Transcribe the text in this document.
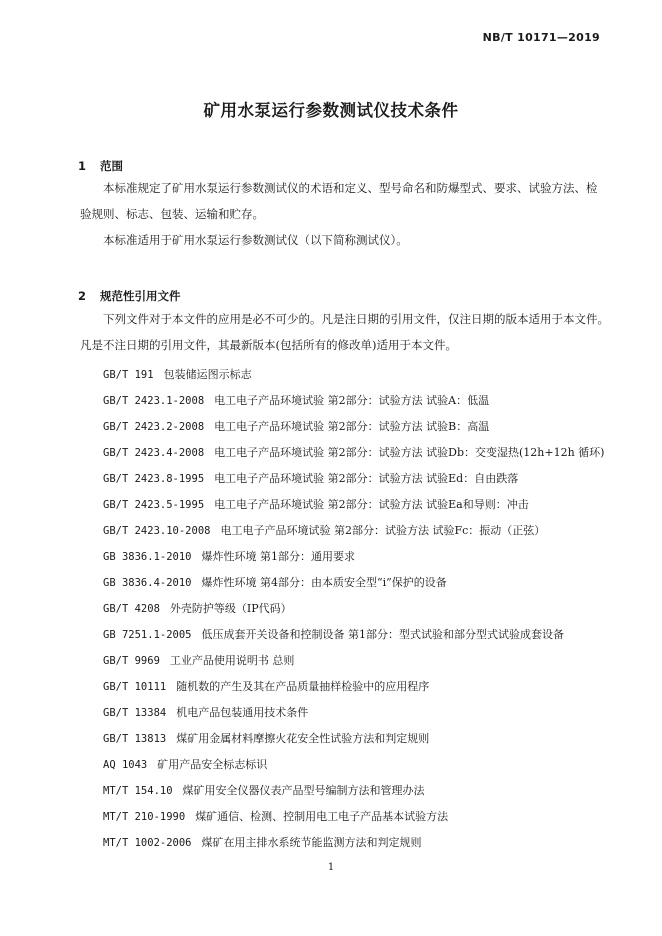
NB/T 10171—2019
矿用水泵运行参数测试仪技术条件
1 范围
本标准规定了矿用水泵运行参数测试仪的术语和定义、型号命名和防爆型式、要求、试验方法、检
验规则、标志、包装、运输和贮存。
本标准适用于矿用水泵运行参数测试仪（以下简称测试仪）。
2 规范性引用文件
下列文件对于本文件的应用是必不可少的。凡是注日期的引用文件，仅注日期的版本适用于本文件。
凡是不注日期的引用文件，其最新版本(包括所有的修改单)适用于本文件。
GB/T 191 包装储运图示标志
GB/T 2423.1-2008 电工电子产品环境试验 第2部分：试验方法 试验A：低温
GB/T 2423.2-2008 电工电子产品环境试验 第2部分：试验方法 试验B：高温
GB/T 2423.4-2008 电工电子产品环境试验 第2部分：试验方法 试验Db：交变湿热(12h+12h 循环)
GB/T 2423.8-1995 电工电子产品环境试验 第2部分：试验方法 试验Ed：自由跌落
GB/T 2423.5-1995 电工电子产品环境试验 第2部分：试验方法 试验Ea和导则：冲击
GB/T 2423.10-2008 电工电子产品环境试验 第2部分：试验方法 试验Fc：振动（正弦）
GB 3836.1-2010 爆炸性环境 第1部分：通用要求
GB 3836.4-2010 爆炸性环境 第4部分：由本质安全型“i”保护的设备
GB/T 4208 外壳防护等级（IP代码）
GB 7251.1-2005 低压成套开关设备和控制设备 第1部分：型式试验和部分型式试验成套设备
GB/T 9969 工业产品使用说明书 总则
GB/T 10111 随机数的产生及其在产品质量抽样检验中的应用程序
GB/T 13384 机电产品包装通用技术条件
GB/T 13813 煤矿用金属材料摩擦火花安全性试验方法和判定规则
AQ 1043 矿用产品安全标志标识
MT/T 154.10 煤矿用安全仪器仪表产品型号编制方法和管理办法
MT/T 210-1990 煤矿通信、检测、控制用电工电子产品基本试验方法
MT/T 1002-2006 煤矿在用主排水系统节能监测方法和判定规则
1
